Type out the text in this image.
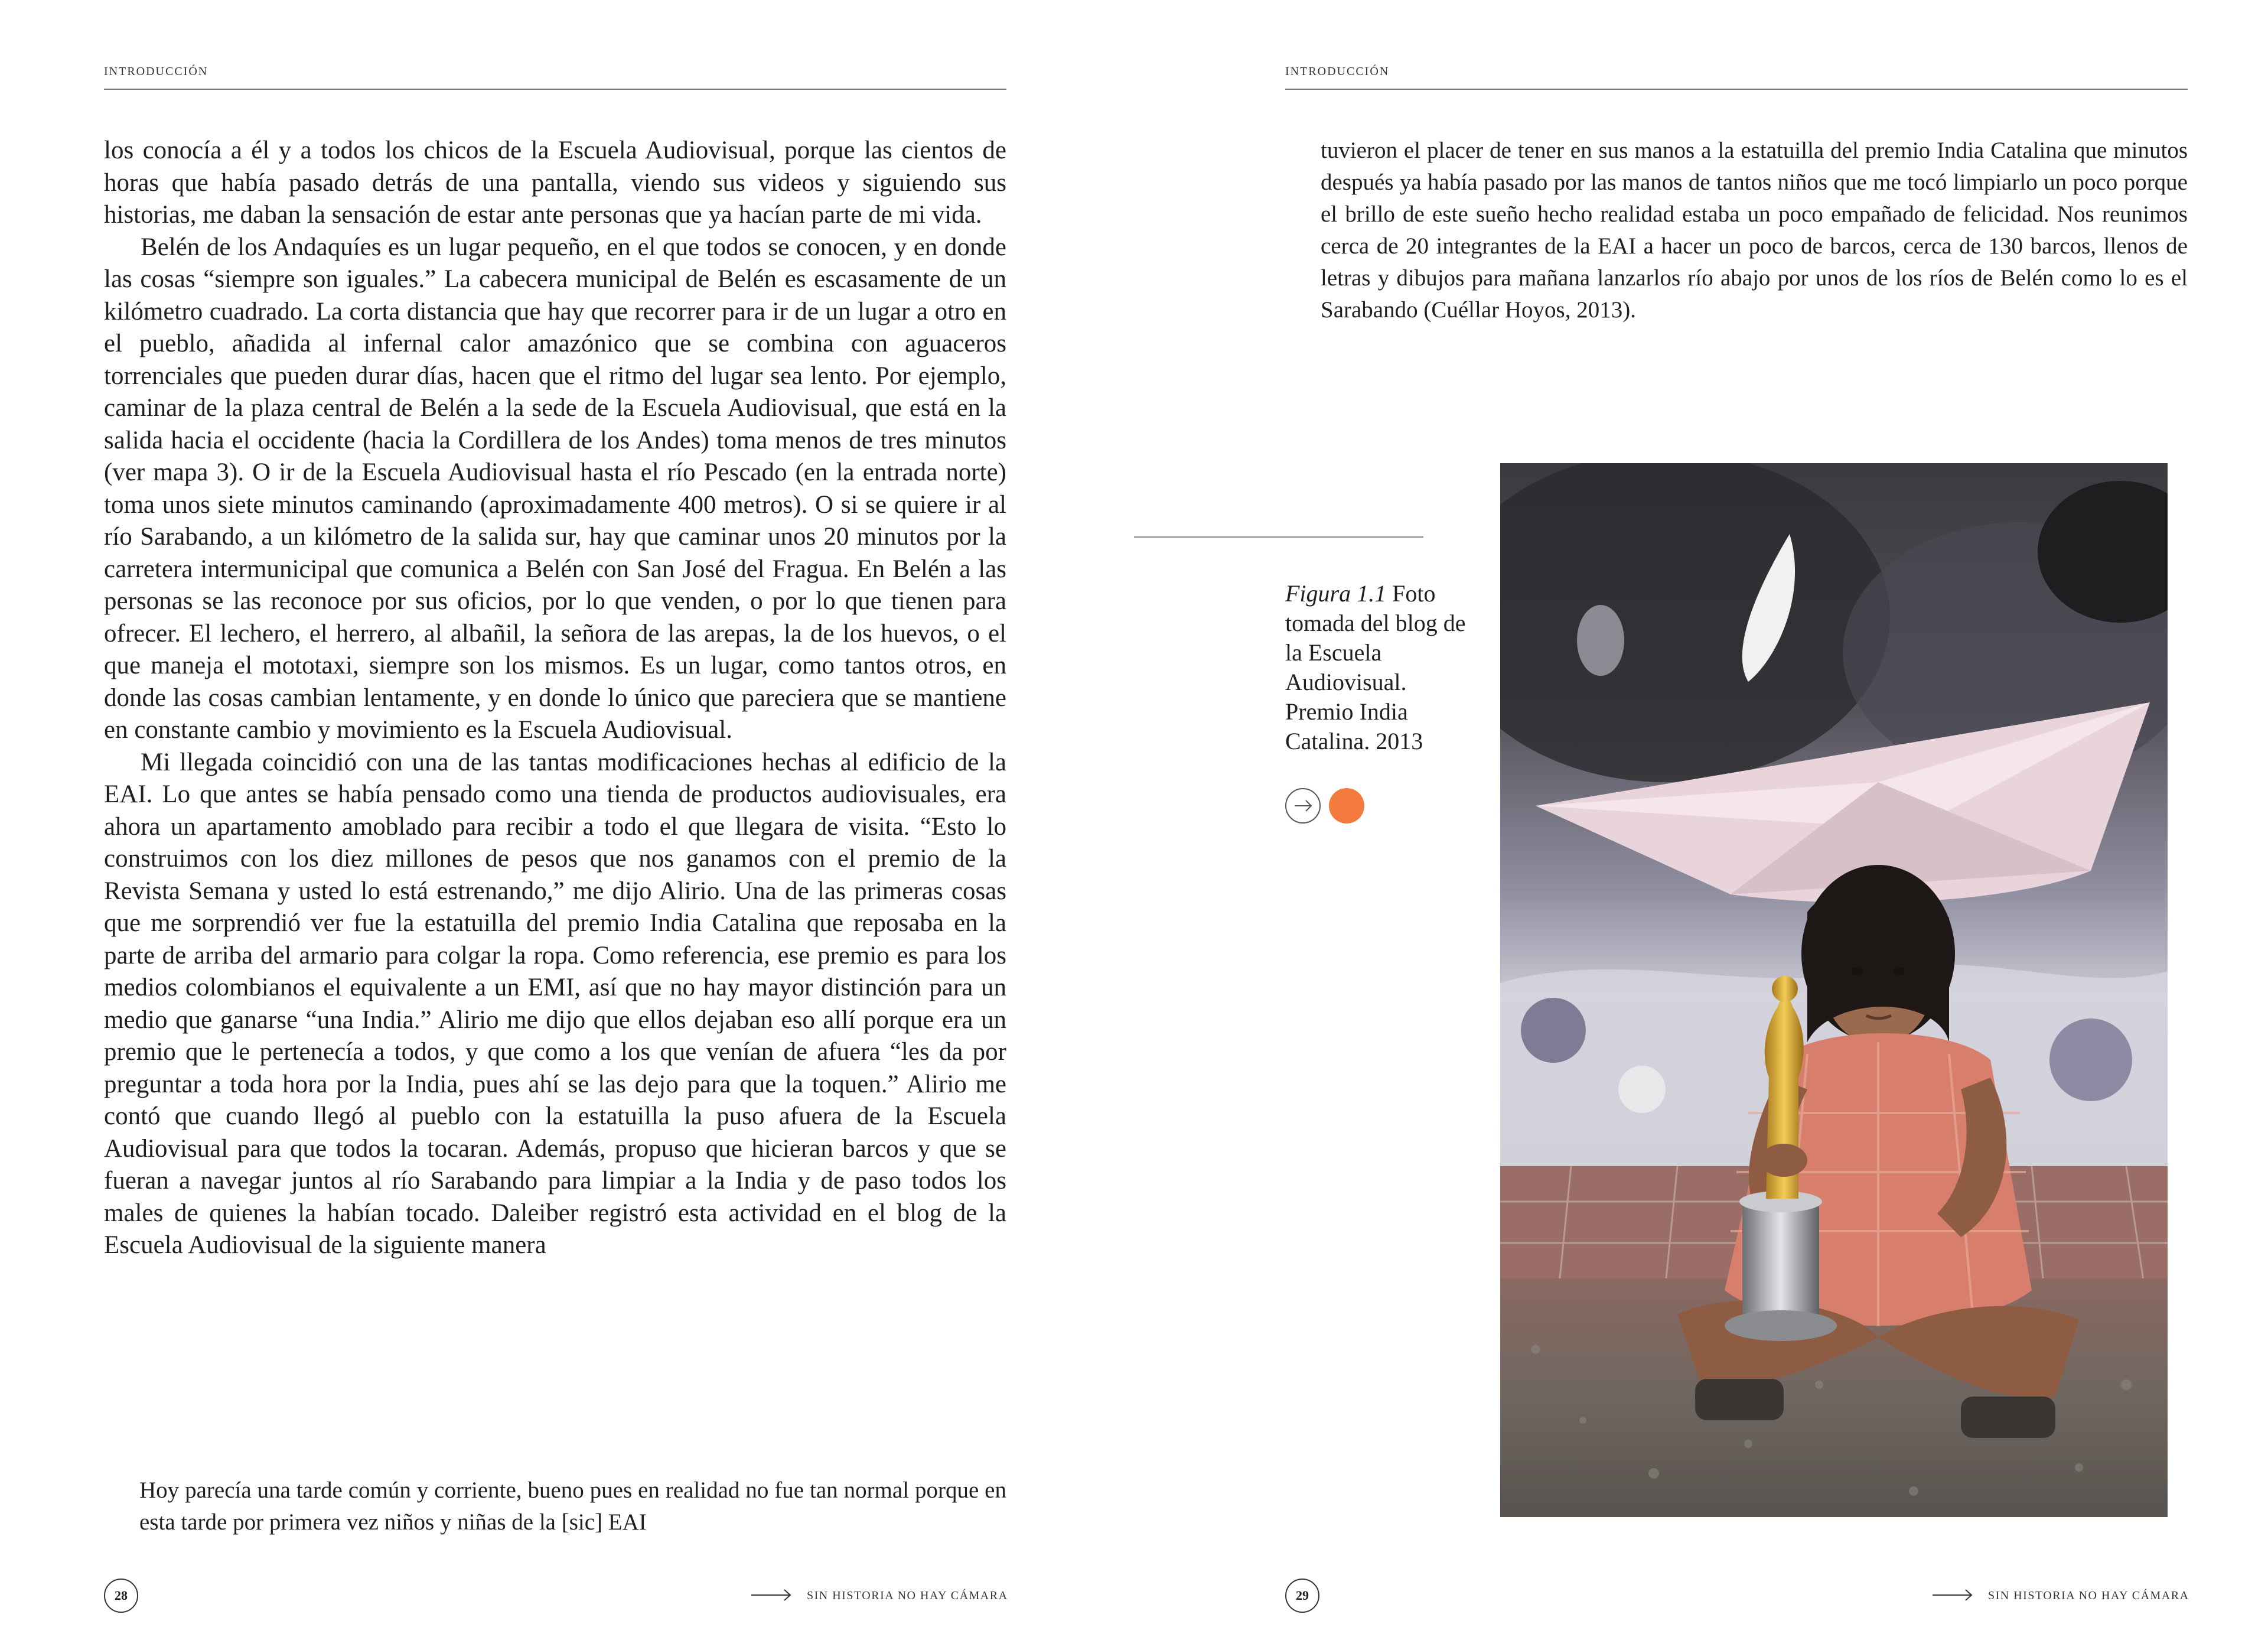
INTRODUCCIÓN

los conocía a él y a todos los chicos de la Escuela Audiovisual, porque las cientos de horas que había pasado detrás de una pantalla, viendo sus videos y siguiendo sus historias, me daban la sensación de estar ante personas que ya hacían parte de mi vida.

Belén de los Andaquíes es un lugar pequeño, en el que todos se conocen, y en donde las cosas “siempre son iguales.” La cabecera municipal de Belén es escasamente de un kilómetro cuadrado. La corta distancia que hay que recorrer para ir de un lugar a otro en el pueblo, añadida al infernal calor amazónico que se combina con aguaceros torrenciales que pueden durar días, hacen que el ritmo del lugar sea lento. Por ejemplo, caminar de la plaza central de Belén a la sede de la Escuela Audiovisual, que está en la salida hacia el occidente (hacia la Cordillera de los Andes) toma menos de tres minutos (ver mapa 3). O ir de la Escuela Audiovisual hasta el río Pescado (en la entrada norte) toma unos siete minutos caminando (aproximadamente 400 metros). O si se quiere ir al río Sarabando, a un kilómetro de la salida sur, hay que caminar unos 20 minutos por la carretera intermunicipal que comunica a Belén con San José del Fragua. En Belén a las personas se las reconoce por sus oficios, por lo que venden, o por lo que tienen para ofrecer. El lechero, el herrero, al albañil, la señora de las arepas, la de los huevos, o el que maneja el mototaxi, siempre son los mismos. Es un lugar, como tantos otros, en donde las cosas cambian lentamente, y en donde lo único que pareciera que se mantiene en constante cambio y movimiento es la Escuela Audiovisual.

Mi llegada coincidió con una de las tantas modificaciones hechas al edificio de la EAI. Lo que antes se había pensado como una tienda de productos audiovisuales, era ahora un apartamento amoblado para recibir a todo el que llegara de visita. “Esto lo construimos con los diez millones de pesos que nos ganamos con el premio de la Revista Semana y usted lo está estrenando,” me dijo Alirio. Una de las primeras cosas que me sorprendió ver fue la estatuilla del premio India Catalina que reposaba en la parte de arriba del armario para colgar la ropa. Como referencia, ese premio es para los medios colombianos el equivalente a un EMI, así que no hay mayor distinción para un medio que ganarse “una India.” Alirio me dijo que ellos dejaban eso allí porque era un premio que le pertenecía a todos, y que como a los que venían de afuera “les da por preguntar a toda hora por la India, pues ahí se las dejo para que la toquen.” Alirio me contó que cuando llegó al pueblo con la estatuilla la puso afuera de la Escuela Audiovisual para que todos la tocaran. Además, propuso que hicieran barcos y que se fueran a navegar juntos al río Sarabando para limpiar a la India y de paso todos los males de quienes la habían tocado. Daleiber registró esta actividad en el blog de la Escuela Audiovisual de la siguiente manera

Hoy parecía una tarde común y corriente, bueno pues en realidad no fue tan normal porque en esta tarde por primera vez niños y niñas de la [sic] EAI

28	SIN HISTORIA NO HAY CÁMARA
INTRODUCCIÓN

tuvieron el placer de tener en sus manos a la estatuilla del premio India Catalina que minutos después ya había pasado por las manos de tantos niños que me tocó limpiarlo un poco porque el brillo de este sueño hecho realidad estaba un poco empañado de felicidad. Nos reunimos cerca de 20 integrantes de la EAI a hacer un poco de barcos, cerca de 130 barcos, llenos de letras y dibujos para mañana lanzarlos río abajo por unos de los ríos de Belén como lo es el Sarabando (Cuéllar Hoyos, 2013).

Figura 1.1 Foto tomada del blog de la Escuela Audiovisual. Premio India Catalina. 2013
29	SIN HISTORIA NO HAY CÁMARA
